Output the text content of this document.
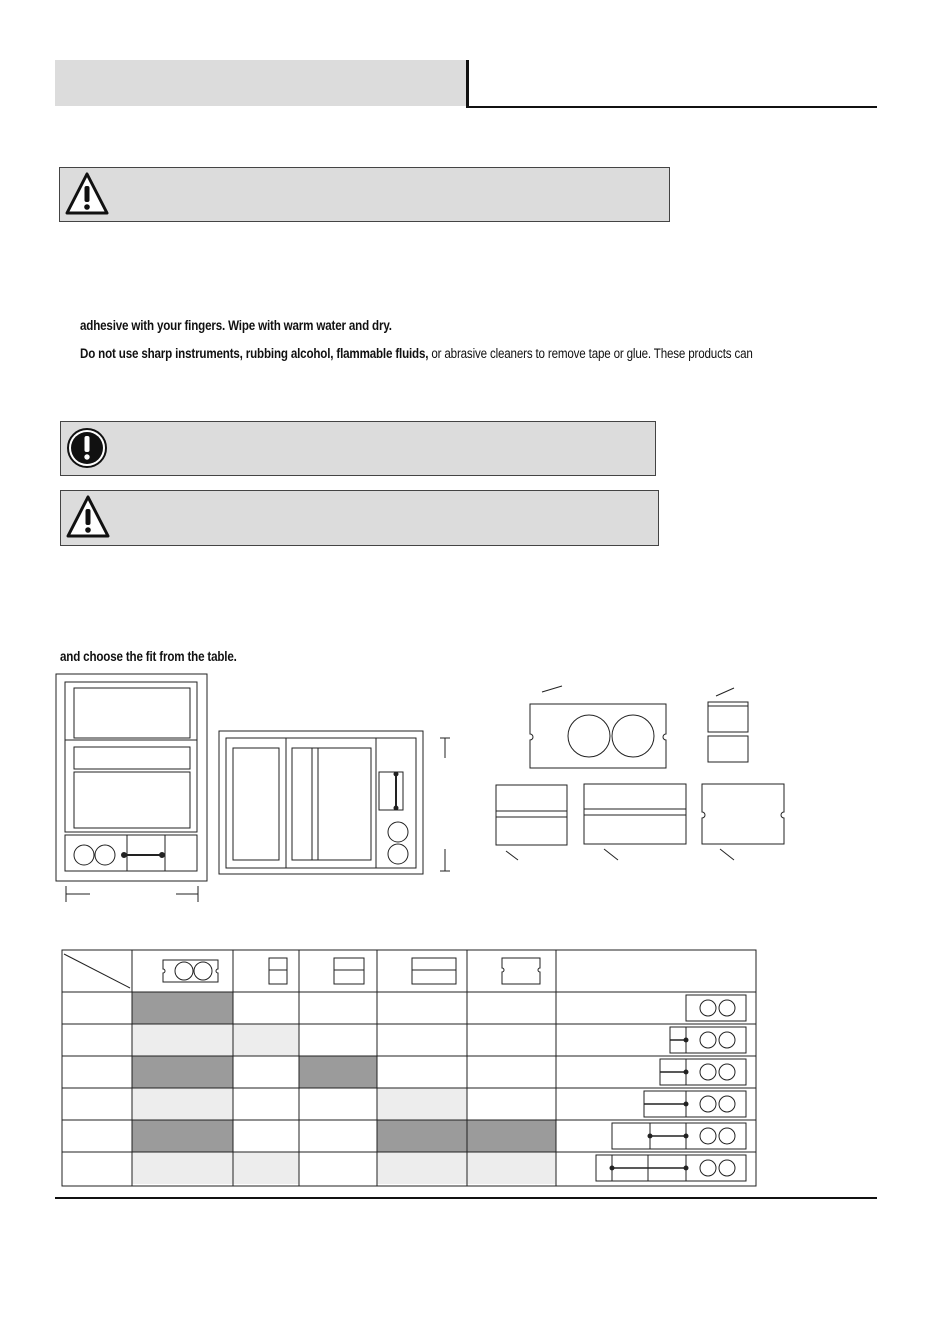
adhesive with your fingers. Wipe with warm water and dry.
Do not use sharp instruments, rubbing alcohol, flammable fluids, or abrasive cleaners to remove tape or glue. These products can
and choose the fit from the table.
